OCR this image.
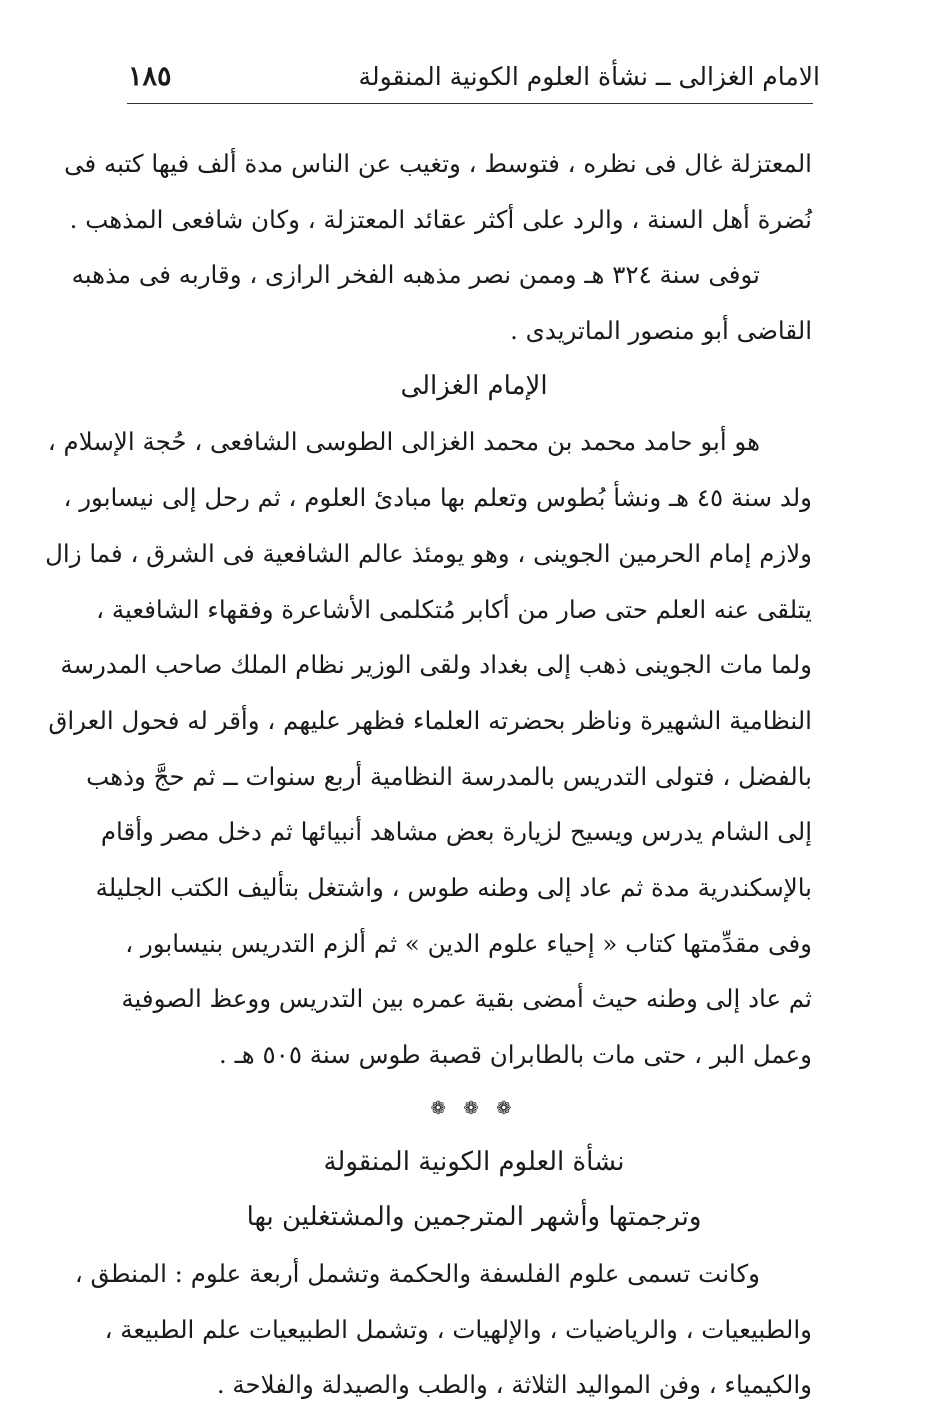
الامام الغزالى ــ نشأة العلوم الكونية المنقولة
١٨٥
المعتزلة غال فى نظره ، فتوسط ، وتغيب عن الناس مدة ألف فيها كتبه فى
نُضرة أهل السنة ، والرد على أكثر عقائد المعتزلة ، وكان شافعى المذهب .
توفى سنة ٣٢٤ هـ وممن نصر مذهبه الفخر الرازى ، وقاربه فى مذهبه
القاضى أبو منصور الماتريدى .
الإمام الغزالى
هو أبو حامد محمد بن محمد الغزالى الطوسى الشافعى ، حُجة الإسلام ،
ولد سنة ٤٥ هـ ونشأ بُطوس وتعلم بها مبادئ العلوم ، ثم رحل إلى نيسابور ،
ولازم إمام الحرمين الجوينى ، وهو يومئذ عالم الشافعية فى الشرق ، فما زال
يتلقى عنه العلم حتى صار من أكابر مُتكلمى الأشاعرة وفقهاء الشافعية ،
ولما مات الجوينى ذهب إلى بغداد ولقى الوزير نظام الملك صاحب المدرسة
النظامية الشهيرة وناظر بحضرته العلماء فظهر عليهم ، وأقر له فحول العراق
بالفضل ، فتولى التدريس بالمدرسة النظامية أربع سنوات ــ ثم حجَّ وذهب
إلى الشام يدرس ويسيح لزيارة بعض مشاهد أنبيائها ثم دخل مصر وأقام
بالإسكندرية مدة ثم عاد إلى وطنه طوس ، واشتغل بتأليف الكتب الجليلة
وفى مقدِّمتها كتاب « إحياء علوم الدين » ثم ألزم التدريس بنيسابور ،
ثم عاد إلى وطنه حيث أمضى بقية عمره بين التدريس ووعظ الصوفية
وعمل البر ، حتى مات بالطابران قصبة طوس سنة ٥٠٥ هـ .
❁ ❁ ❁
نشأة العلوم الكونية المنقولة
وترجمتها وأشهر المترجمين والمشتغلين بها
وكانت تسمى علوم الفلسفة والحكمة وتشمل أربعة علوم : المنطق ،
والطبيعيات ، والرياضيات ، والإلهيات ، وتشمل الطبيعيات علم الطبيعة ،
والكيمياء ، وفن المواليد الثلاثة ، والطب والصيدلة والفلاحة .
